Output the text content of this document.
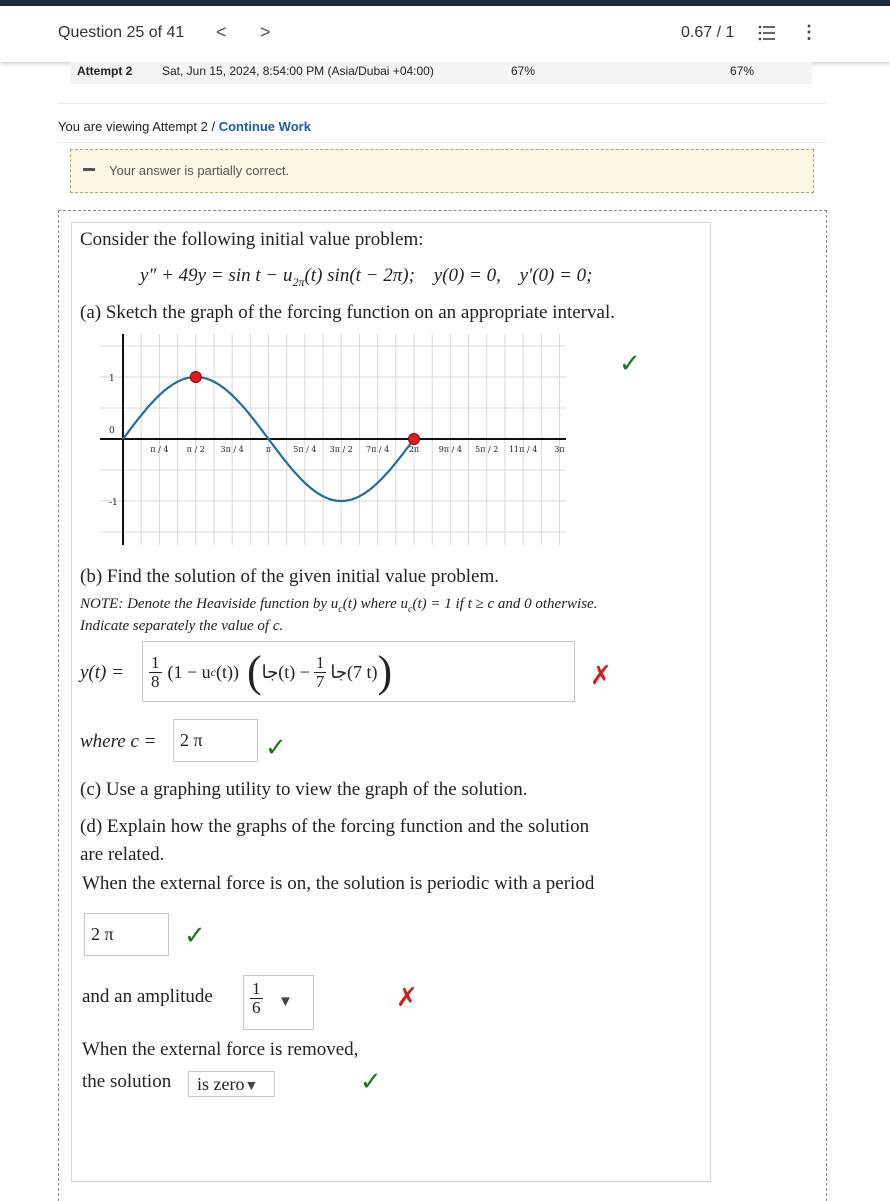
Question 25 of 41 < >	0.67 / 1	⋮
Attempt 2 Sat, Jun 15, 2024, 8:54:00 PM (Asia/Dubai +04:00)	67%	67%
You are viewing Attempt 2 / Continue Work
Your answer is partially correct.
Consider the following initial value problem:
$y'' + 49y = \sin t - u_{2\pi}(t) \sin(t - 2\pi)$; y(0) = 0, y′(0) = 0;
(a) Sketch the graph of the forcing function on an appropriate interval.
1
0
-1
π / 4 π / 2 3π / 4	π	5π / 4 3π / 2 7π / 4 2π 9π / 4 5π / 2 11π / 4 3π
✓
(b) Find the solution of the given initial value problem.
NOTE: Denote the Heaviside function by $u_c(t)$ where $u_c(t) = 1$ if t ≥ c and 0 otherwise.
Indicate separately the value of c.
$y(t) = \frac{1}{8} (1 - u$ c (t)) ( جا(t) − $\frac{1}{7}$ جا(7 t) )	✗
where c =	2 π	✓
(c) Use a graphing utility to view the graph of the solution.
(d) Explain how the graphs of the forcing function and the solution
are related.
When the external force is on, the solution is periodic with a period
2 π	✓
and an amplitude $\frac{1}{6}$ ▼	✗
When the external force is removed,
the solution	is zero▼	✓
